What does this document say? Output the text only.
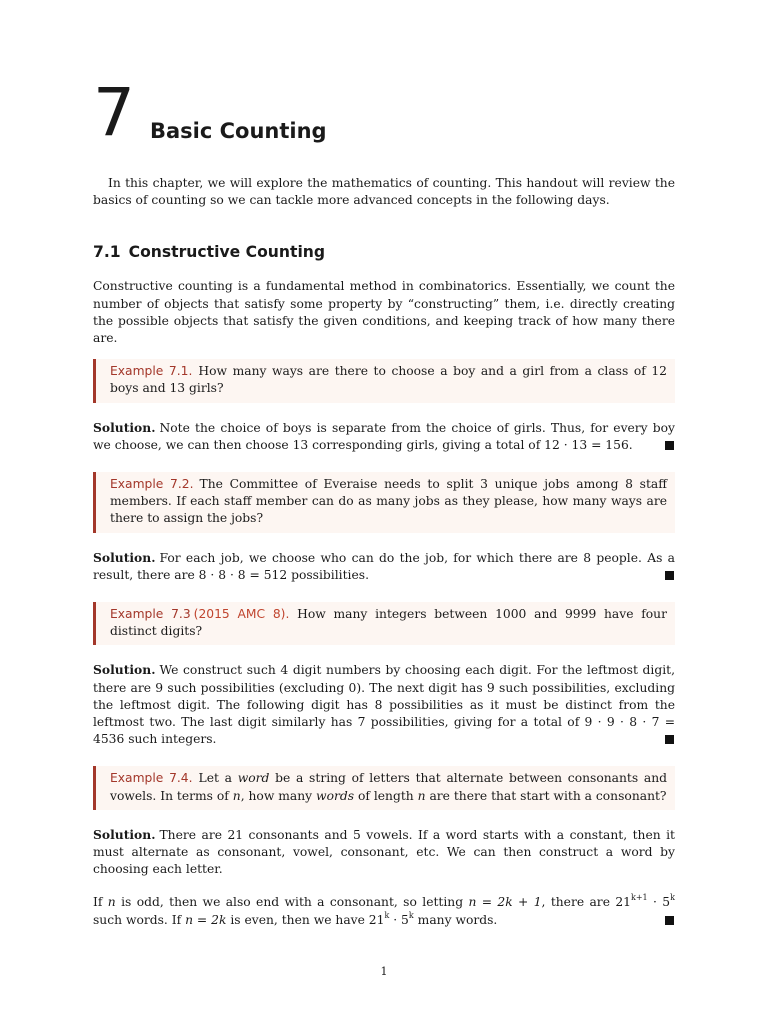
7 Basic Counting

In this chapter, we will explore the mathematics of counting. This handout will review the basics of counting so we can tackle more advanced concepts in the following days.

7.1 Constructive Counting

Constructive counting is a fundamental method in combinatorics. Essentially, we count the number of objects that satisfy some property by “constructing” them, i.e. directly creating the possible objects that satisfy the given conditions, and keeping track of how many there are.

Example 7.1. How many ways are there to choose a boy and a girl from a class of 12 boys and 13 girls?

Solution. Note the choice of boys is separate from the choice of girls. Thus, for every boy we choose, we can then choose 13 corresponding girls, giving a total of 12 · 13 = 156.

Example 7.2. The Committee of Everaise needs to split 3 unique jobs among 8 staff members. If each staff member can do as many jobs as they please, how many ways are there to assign the jobs?

Solution. For each job, we choose who can do the job, for which there are 8 people. As a result, there are 8 · 8 · 8 = 512 possibilities.

Example 7.3 (2015 AMC 8). How many integers between 1000 and 9999 have four distinct digits?

Solution. We construct such 4 digit numbers by choosing each digit. For the leftmost digit, there are 9 such possibilities (excluding 0). The next digit has 9 such possibilities, excluding the leftmost digit. The following digit has 8 possibilities as it must be distinct from the leftmost two. The last digit similarly has 7 possibilities, giving for a total of 9 · 9 · 8 · 7 = 4536 such integers.

Example 7.4. Let a word be a string of letters that alternate between consonants and vowels. In terms of n, how many words of length n are there that start with a consonant?

Solution. There are 21 consonants and 5 vowels. If a word starts with a constant, then it must alternate as consonant, vowel, consonant, etc. We can then construct a word by choosing each letter.

If n is odd, then we also end with a consonant, so letting n = 2k + 1, there are $21^{k+1} \cdot 5^k$ such words. If n = 2k is even, then we have $21^k \cdot 5^k$ many words.

1
